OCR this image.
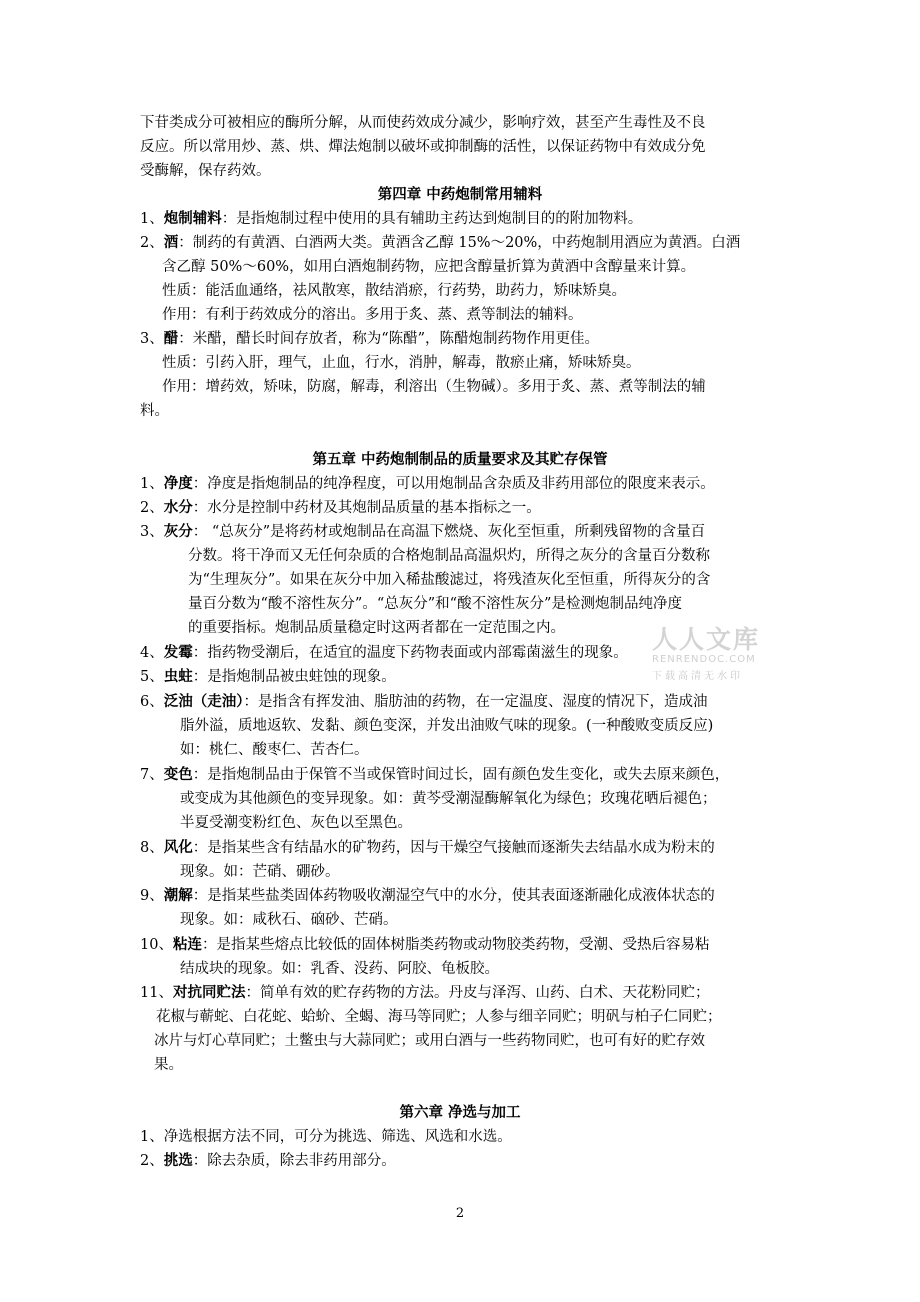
下苷类成分可被相应的酶所分解，从而使药效成分减少，影响疗效，甚至产生毒性及不良
反应。所以常用炒、蒸、烘、燀法炮制以破坏或抑制酶的活性，以保证药物中有效成分免
受酶解，保存药效。
第四章 中药炮制常用辅料
1、炮制辅料：是指炮制过程中使用的具有辅助主药达到炮制目的的附加物料。
2、酒：制药的有黄酒、白酒两大类。黄酒含乙醇 15%～20%，中药炮制用酒应为黄酒。白酒
含乙醇 50%～60%，如用白酒炮制药物，应把含醇量折算为黄酒中含醇量来计算。
性质：能活血通络，祛风散寒，散结消瘀，行药势，助药力，矫味矫臭。
作用：有利于药效成分的溶出。多用于炙、蒸、煮等制法的辅料。
3、醋：米醋，醋长时间存放者，称为“陈醋”，陈醋炮制药物作用更佳。
性质：引药入肝，理气，止血，行水，消肿，解毒，散瘀止痛，矫味矫臭。
作用：增药效，矫味，防腐，解毒，利溶出（生物碱）。多用于炙、蒸、煮等制法的辅
料。
第五章 中药炮制制品的质量要求及其贮存保管
1、净度：净度是指炮制品的纯净程度，可以用炮制品含杂质及非药用部位的限度来表示。
2、水分：水分是控制中药材及其炮制品质量的基本指标之一。
3、灰分： “总灰分”是将药材或炮制品在高温下燃烧、灰化至恒重，所剩残留物的含量百
分数。将干净而又无任何杂质的合格炮制品高温炽灼，所得之灰分的含量百分数称
为“生理灰分”。如果在灰分中加入稀盐酸滤过，将残渣灰化至恒重，所得灰分的含
量百分数为“酸不溶性灰分”。“总灰分”和“酸不溶性灰分”是检测炮制品纯净度
的重要指标。炮制品质量稳定时这两者都在一定范围之内。
4、发霉：指药物受潮后，在适宜的温度下药物表面或内部霉菌滋生的现象。
5、虫蛀：是指炮制品被虫蛀蚀的现象。
6、泛油（走油）：是指含有挥发油、脂肪油的药物，在一定温度、湿度的情况下，造成油
脂外溢，质地返软、发黏、颜色变深，并发出油败气味的现象。(一种酸败变质反应)
如：桃仁、酸枣仁、苦杏仁。
7、变色：是指炮制品由于保管不当或保管时间过长，固有颜色发生变化，或失去原来颜色，
或变成为其他颜色的变异现象。如：黄芩受潮湿酶解氧化为绿色；玫瑰花晒后褪色；
半夏受潮变粉红色、灰色以至黑色。
8、风化：是指某些含有结晶水的矿物药，因与干燥空气接触而逐渐失去结晶水成为粉末的
现象。如：芒硝、硼砂。
9、潮解：是指某些盐类固体药物吸收潮湿空气中的水分，使其表面逐渐融化成液体状态的
现象。如：咸秋石、硇砂、芒硝。
10、粘连：是指某些熔点比较低的固体树脂类药物或动物胶类药物，受潮、受热后容易粘
结成块的现象。如：乳香、没药、阿胶、龟板胶。
11、对抗同贮法：简单有效的贮存药物的方法。丹皮与泽泻、山药、白术、天花粉同贮；
花椒与蕲蛇、白花蛇、蛤蚧、全蝎、海马等同贮；人参与细辛同贮；明矾与柏子仁同贮；
冰片与灯心草同贮；土鳖虫与大蒜同贮；或用白酒与一些药物同贮，也可有好的贮存效
果。
第六章 净选与加工
1、净选根据方法不同，可分为挑选、筛选、风选和水选。
2、挑选：除去杂质，除去非药用部分。
人人文库
RENRENDOC.COM
下载高清无水印
2
